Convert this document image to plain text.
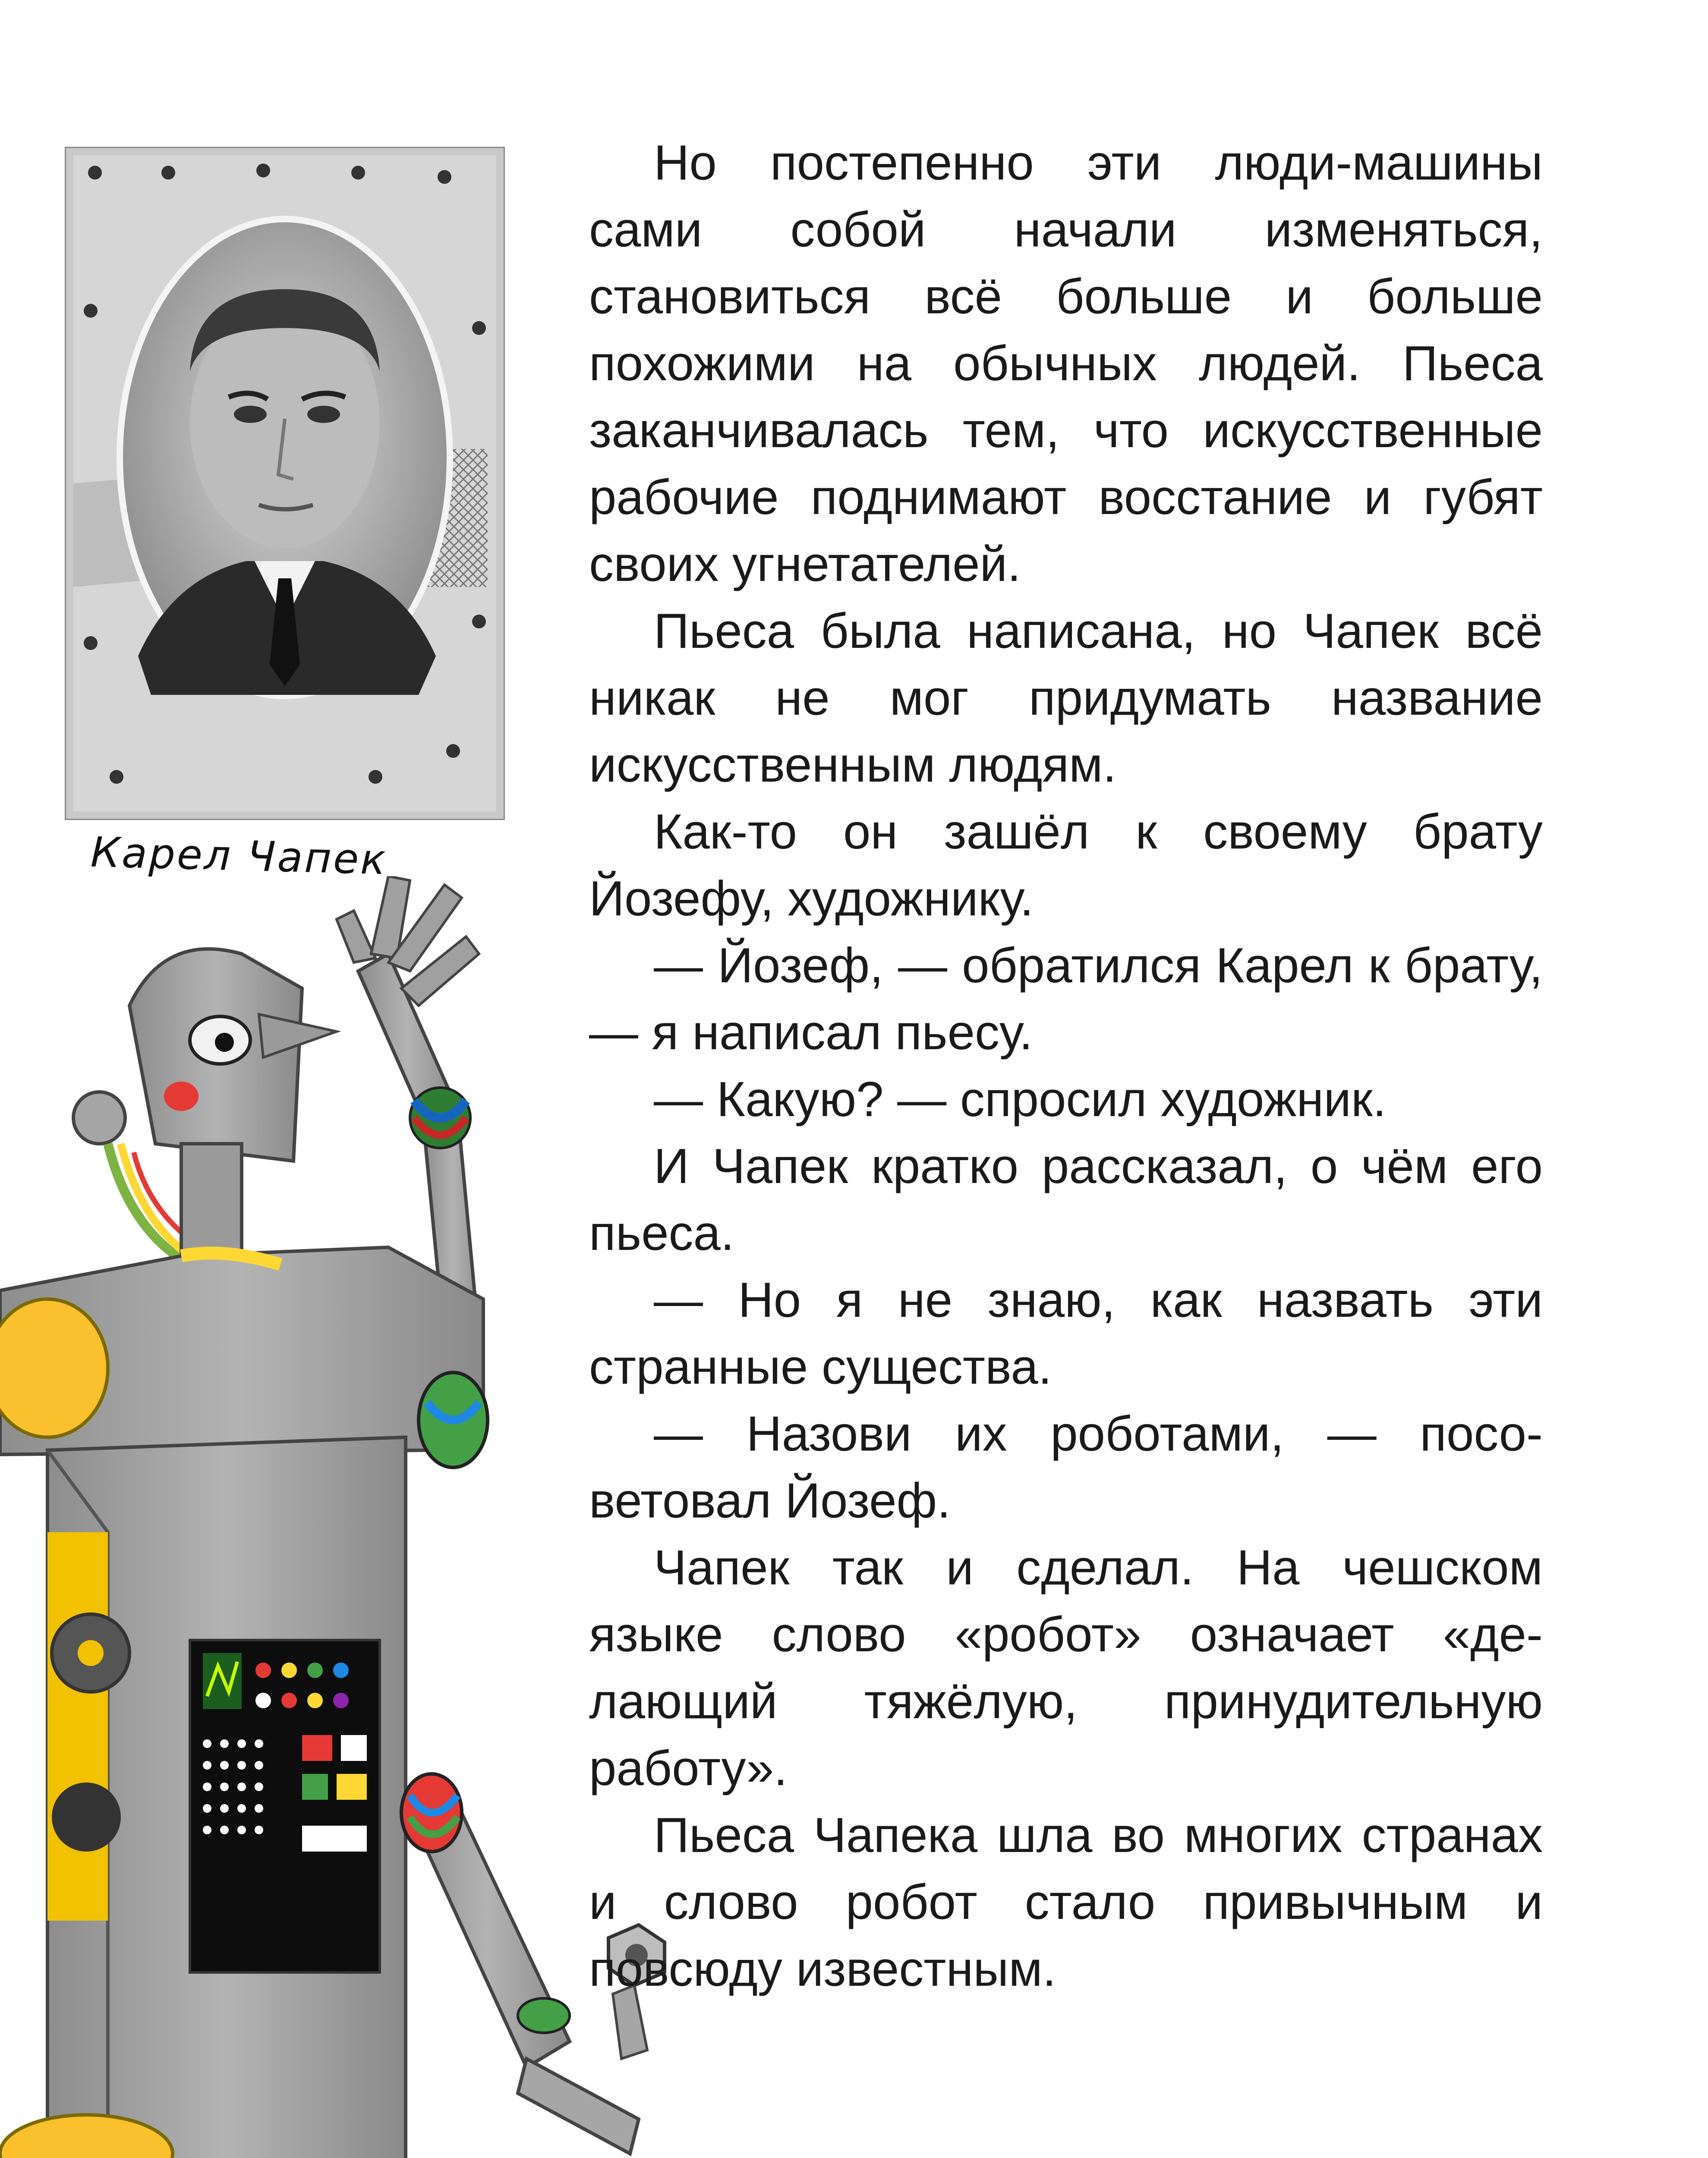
Карел Чапек

Но постепенно эти люди-машины сами собой начали изменяться, становиться всё больше и больше похожими на обычных людей. Пьеса заканчивалась тем, что искусственные рабочие поднимают восстание и губят своих угнетателей.

Пьеса была написана, но Чапек всё никак не мог придумать название искусственным людям.

Как-то он зашёл к своему брату Йозефу, художнику.

— Йозеф, — обратился Карел к брату, — я написал пьесу.

— Какую? — спросил художник.

И Чапек кратко рассказал, о чём его пьеса.

— Но я не знаю, как назвать эти странные существа.

— Назови их роботами, — посоветовал Йозеф.

Чапек так и сделал. На чешском языке слово «робот» означает «делающий тяжёлую, принудительную работу».

Пьеса Чапека шла во многих странах и слово робот стало привычным и повсюду известным.
